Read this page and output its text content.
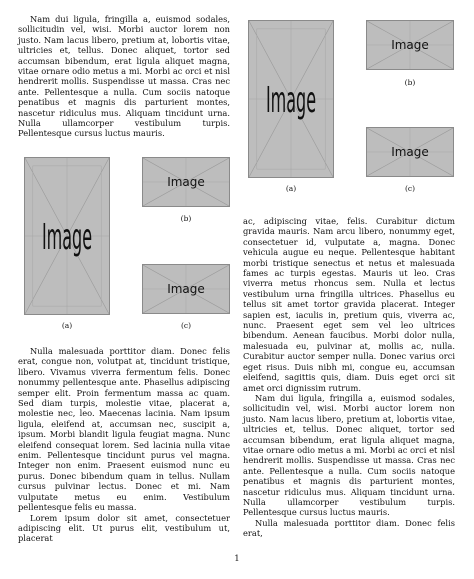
Nam dui ligula, fringilla a, euismod sodales, sollicitudin vel, wisi. Morbi auctor lorem non justo. Nam lacus libero, pretium at, lobortis vitae, ultricies et, tellus. Donec aliquet, tortor sed accumsan bibendum, erat ligula aliquet magna, vitae ornare odio metus a mi. Morbi ac orci et nisl hendrerit mollis. Suspendisse ut massa. Cras nec ante. Pellentesque a nulla. Cum sociis natoque penatibus et magnis dis parturient montes, nascetur ridiculus mus. Aliquam tincidunt urna. Nulla ullamcorper vestibulum turpis. Pellentesque cursus luctus mauris.

Image
(a)
Image
(b)
Image
(c)

Nulla malesuada porttitor diam. Donec felis erat, congue non, volutpat at, tincidunt tristique, libero. Vivamus viverra fermentum felis. Donec nonummy pellentesque ante. Phasellus adipiscing semper elit. Proin fermentum massa ac quam. Sed diam turpis, molestie vitae, placerat a, molestie nec, leo. Maecenas lacinia. Nam ipsum ligula, eleifend at, accumsan nec, suscipit a, ipsum. Morbi blandit ligula feugiat magna. Nunc eleifend consequat lorem. Sed lacinia nulla vitae enim. Pellentesque tincidunt purus vel magna. Integer non enim. Praesent euismod nunc eu purus. Donec bibendum quam in tellus. Nullam cursus pulvinar lectus. Donec et mi. Nam vulputate metus eu enim. Vestibulum pellentesque felis eu massa.

Lorem ipsum dolor sit amet, consectetuer adipiscing elit. Ut purus elit, vestibulum ut, placerat

Image
(a)
Image
(b)
Image
(c)

ac, adipiscing vitae, felis. Curabitur dictum gravida mauris. Nam arcu libero, nonummy eget, consectetuer id, vulputate a, magna. Donec vehicula augue eu neque. Pellentesque habitant morbi tristique senectus et netus et malesuada fames ac turpis egestas. Mauris ut leo. Cras viverra metus rhoncus sem. Nulla et lectus vestibulum urna fringilla ultrices. Phasellus eu tellus sit amet tortor gravida placerat. Integer sapien est, iaculis in, pretium quis, viverra ac, nunc. Praesent eget sem vel leo ultrices bibendum. Aenean faucibus. Morbi dolor nulla, malesuada eu, pulvinar at, mollis ac, nulla. Curabitur auctor semper nulla. Donec varius orci eget risus. Duis nibh mi, congue eu, accumsan eleifend, sagittis quis, diam. Duis eget orci sit amet orci dignissim rutrum.

Nam dui ligula, fringilla a, euismod sodales, sollicitudin vel, wisi. Morbi auctor lorem non justo. Nam lacus libero, pretium at, lobortis vitae, ultricies et, tellus. Donec aliquet, tortor sed accumsan bibendum, erat ligula aliquet magna, vitae ornare odio metus a mi. Morbi ac orci et nisl hendrerit mollis. Suspendisse ut massa. Cras nec ante. Pellentesque a nulla. Cum sociis natoque penatibus et magnis dis parturient montes, nascetur ridiculus mus. Aliquam tincidunt urna. Nulla ullamcorper vestibulum turpis. Pellentesque cursus luctus mauris.

Nulla malesuada porttitor diam. Donec felis erat,

1
